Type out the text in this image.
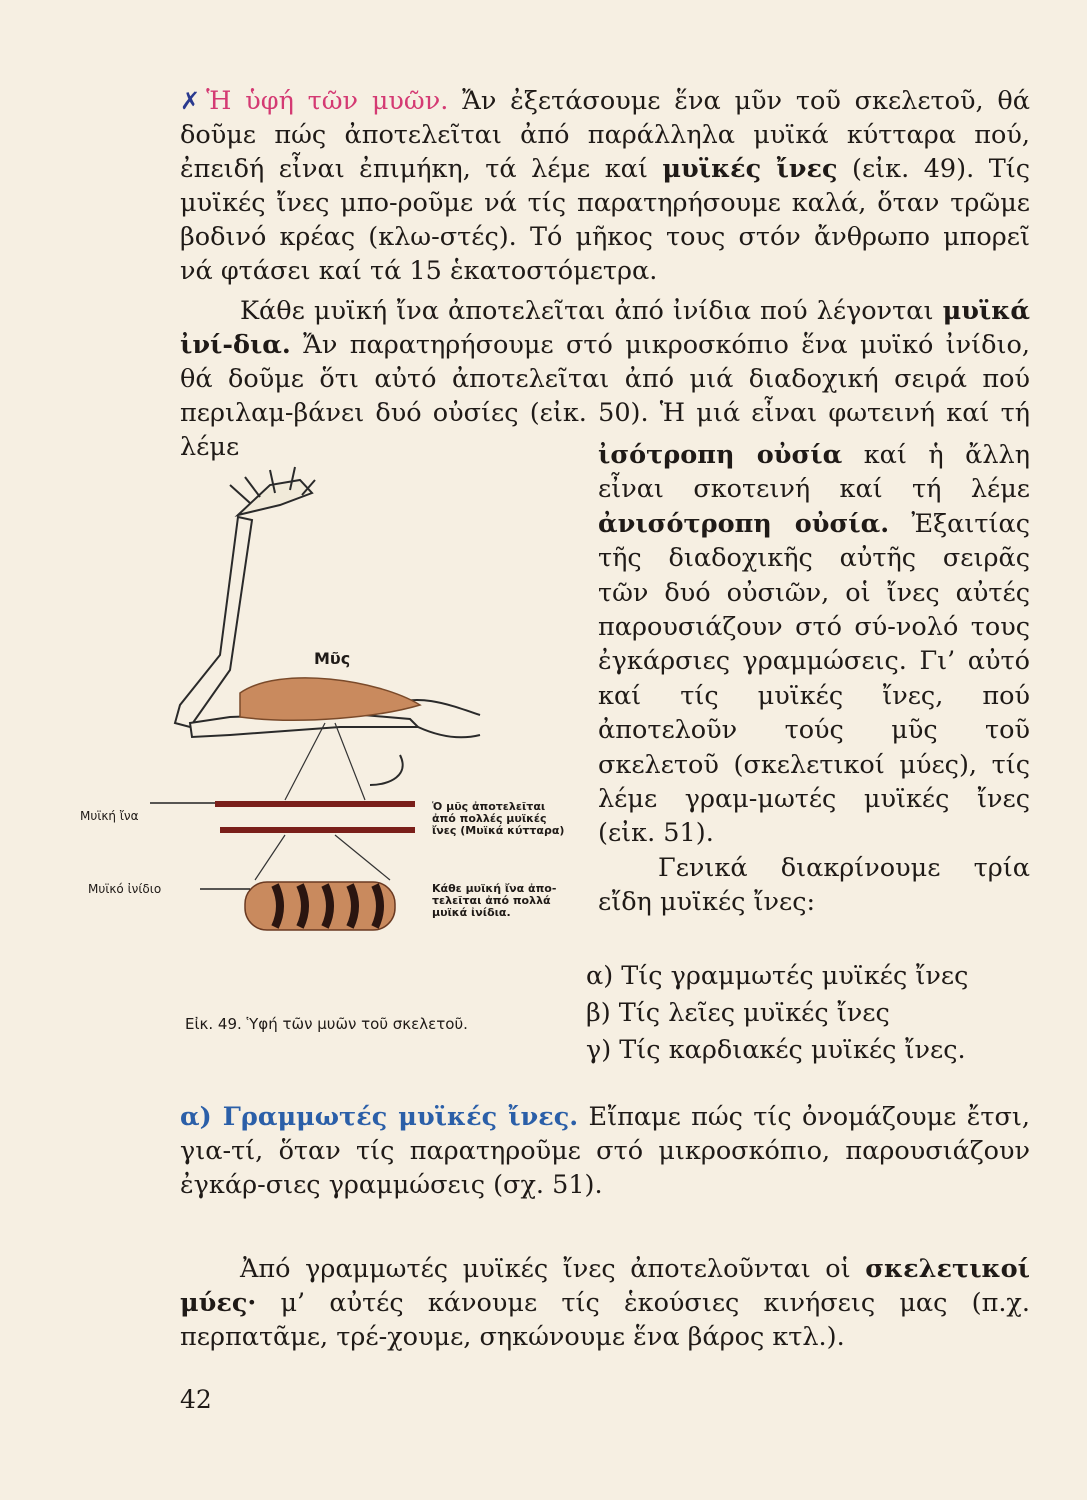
✗ Ἡ ὑφή τῶν μυῶν. Ἄν ἐξετάσουμε ἕνα μῦν τοῦ σκελετοῦ, θά δοῦμε πώς ἀποτελεῖται ἀπό παράλληλα μυϊκά κύτταρα πού, ἐπειδή εἶναι ἐπιμήκη, τά λέμε καί μυϊκές ἴνες (εἰκ. 49). Τίς μυϊκές ἴνες μπο-ροῦμε νά τίς παρατηρήσουμε καλά, ὅταν τρῶμε βοδινό κρέας (κλω-στές). Τό μῆκος τους στόν ἄνθρωπο μπορεῖ νά φτάσει καί τά 15 ἑκατοστόμετρα.
Κάθε μυϊκή ἴνα ἀποτελεῖται ἀπό ἰνίδια πού λέγονται μυϊκά ἰνί-δια. Ἄν παρατηρήσουμε στό μικροσκόπιο ἕνα μυϊκό ἰνίδιο, θά δοῦμε ὅτι αὐτό ἀποτελεῖται ἀπό μιά διαδοχική σειρά πού περιλαμ-βάνει δυό οὐσίες (εἰκ. 50). Ἡ μιά εἶναι φωτεινή καί τή λέμε	ἰσότροπη οὐσία καί ἡ ἄλλη εἶναι σκοτεινή καί τή λέμε ἀνισότροπη οὐσία. Ἐξαιτίας τῆς διαδοχικῆς αὐτῆς σειρᾶς τῶν δυό οὐσιῶν, οἱ ἴνες αὐτές παρουσιάζουν στό σύ-νολό τους ἐγκάρσιες γραμμώσεις. Γι’ αὐτό καί τίς μυϊκές ἴνες, πού ἀποτελοῦν τούς μῦς τοῦ σκελετοῦ (σκελετικοί μύες), τίς λέμε γραμ-μωτές μυϊκές ἴνες (εἰκ. 51).
Γενικά διακρίνουμε τρία εἴδη μυϊκές ἴνες:
Μῦς
Μυϊκή ἴνα
Μυϊκό ἰνίδιο
Ὁ μῦς ἀποτελεῖται ἀπό πολλές μυϊκές ἴνες (Μυϊκά κύτταρα)
Κάθε μυϊκή ἴνα ἀπο-τελεῖται ἀπό πολλά μυϊκά ἰνίδια.
Εἰκ. 49. Ὑφή τῶν μυῶν τοῦ σκελετοῦ.
α) Τίς γραμμωτές μυϊκές ἴνες
β) Τίς λεῖες μυϊκές ἴνες
γ) Τίς καρδιακές μυϊκές ἴνες.
α) Γραμμωτές μυϊκές ἴνες. Εἴπαμε πώς τίς ὀνομάζουμε ἔτσι, για-τί, ὅταν τίς παρατηροῦμε στό μικροσκόπιο, παρουσιάζουν ἐγκάρ-σιες γραμμώσεις (σχ. 51).
Ἀπό γραμμωτές μυϊκές ἴνες ἀποτελοῦνται οἱ σκελετικοί μύες· μ’ αὐτές κάνουμε τίς ἑκούσιες κινήσεις μας (π.χ. περπατᾶμε, τρέ-χουμε, σηκώνουμε ἕνα βάρος κτλ.).
42
